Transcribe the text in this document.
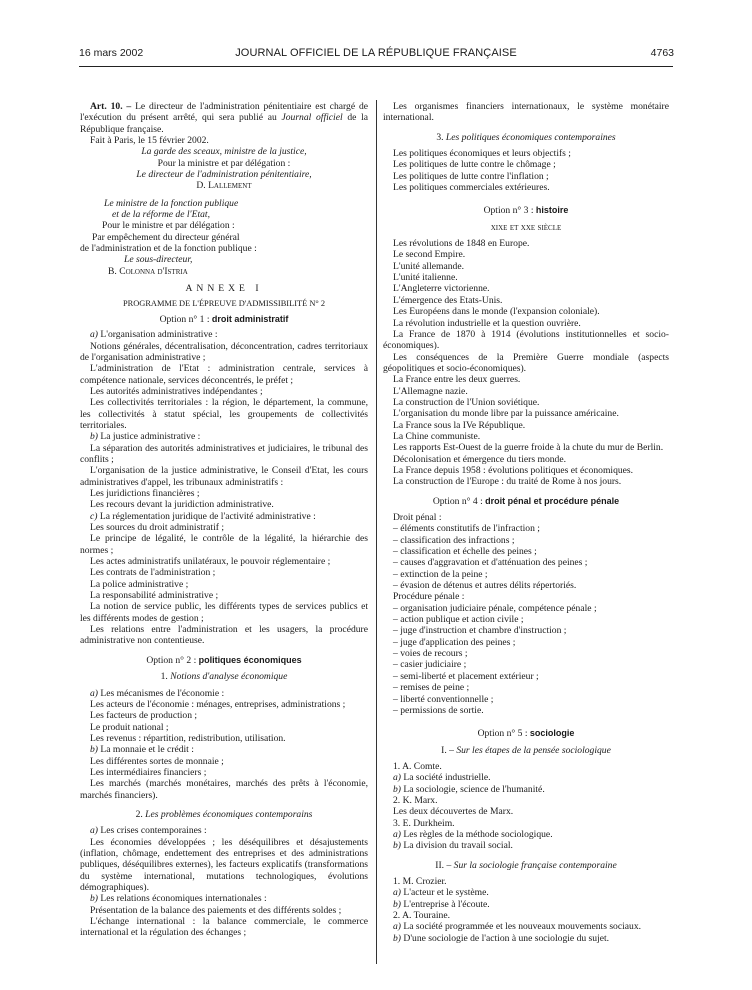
16 mars 2002	JOURNAL OFFICIEL DE LA RÉPUBLIQUE FRANÇAISE	4763

Art. 10. – Le directeur de l'administration pénitentiaire est chargé de l'exécution du présent arrêté, qui sera publié au Journal officiel de la République française.

Fait à Paris, le 15 février 2002.

La garde des sceaux, ministre de la justice,

Pour la ministre et par délégation :

Le directeur de l'administration pénitentiaire,

D. Lallement

Le ministre de la fonction publique

et de la réforme de l'Etat,

Pour le ministre et par délégation :

Par empêchement du directeur général

de l'administration et de la fonction publique :

Le sous-directeur,

B. Colonna d'Istria

ANNEXE I

PROGRAMME DE L'ÉPREUVE D'ADMISSIBILITÉ N° 2

Option n° 1 : droit administratif

a) L'organisation administrative :

Notions générales, décentralisation, déconcentration, cadres territoriaux de l'organisation administrative ;

L'administration de l'Etat : administration centrale, services à compétence nationale, services déconcentrés, le préfet ;

Les autorités administratives indépendantes ;

Les collectivités territoriales : la région, le département, la commune, les collectivités à statut spécial, les groupements de collectivités territoriales.

b) La justice administrative :

La séparation des autorités administratives et judiciaires, le tribunal des conflits ;

L'organisation de la justice administrative, le Conseil d'Etat, les cours administratives d'appel, les tribunaux administratifs :

Les juridictions financières ;

Les recours devant la juridiction administrative.

c) La réglementation juridique de l'activité administrative :

Les sources du droit administratif ;

Le principe de légalité, le contrôle de la légalité, la hiérarchie des normes ;

Les actes administratifs unilatéraux, le pouvoir réglementaire ;

Les contrats de l'administration ;

La police administrative ;

La responsabilité administrative ;

La notion de service public, les différents types de services publics et les différents modes de gestion ;

Les relations entre l'administration et les usagers, la procédure administrative non contentieuse.

Option n° 2 : politiques économiques

1. Notions d'analyse économique

a) Les mécanismes de l'économie :

Les acteurs de l'économie : ménages, entreprises, administrations ;

Les facteurs de production ;

Le produit national ;

Les revenus : répartition, redistribution, utilisation.

b) La monnaie et le crédit :

Les différentes sortes de monnaie ;

Les intermédiaires financiers ;

Les marchés (marchés monétaires, marchés des prêts à l'économie, marchés financiers).

2. Les problèmes économiques contemporains

a) Les crises contemporaines :

Les économies développées ; les déséquilibres et désajustements (inflation, chômage, endettement des entreprises et des administrations publiques, déséquilibres externes), les facteurs explicatifs (transformations du système international, mutations technologiques, évolutions démographiques).

b) Les relations économiques internationales :

Présentation de la balance des paiements et des différents soldes ;

L'échange international : la balance commerciale, le commerce international et la régulation des échanges ;

Les organismes financiers internationaux, le système monétaire international.

3. Les politiques économiques contemporaines

Les politiques économiques et leurs objectifs ;

Les politiques de lutte contre le chômage ;

Les politiques de lutte contre l'inflation ;

Les politiques commerciales extérieures.

Option n° 3 : histoire

xixe et xxe siècle

Les révolutions de 1848 en Europe.

Le second Empire.

L'unité allemande.

L'unité italienne.

L'Angleterre victorienne.

L'émergence des Etats-Unis.

Les Européens dans le monde (l'expansion coloniale).

La révolution industrielle et la question ouvrière.

La France de 1870 à 1914 (évolutions institutionnelles et socio-économiques).

Les conséquences de la Première Guerre mondiale (aspects géopolitiques et socio-économiques).

La France entre les deux guerres.

L'Allemagne nazie.

La construction de l'Union soviétique.

L'organisation du monde libre par la puissance américaine.

La France sous la IVe République.

La Chine communiste.

Les rapports Est-Ouest de la guerre froide à la chute du mur de Berlin.

Décolonisation et émergence du tiers monde.

La France depuis 1958 : évolutions politiques et économiques.

La construction de l'Europe : du traité de Rome à nos jours.

Option n° 4 : droit pénal et procédure pénale

Droit pénal :

– éléments constitutifs de l'infraction ;

– classification des infractions ;

– classification et échelle des peines ;

– causes d'aggravation et d'atténuation des peines ;

– extinction de la peine ;

– évasion de détenus et autres délits répertoriés.

Procédure pénale :

– organisation judiciaire pénale, compétence pénale ;

– action publique et action civile ;

– juge d'instruction et chambre d'instruction ;

– juge d'application des peines ;

– voies de recours ;

– casier judiciaire ;

– semi-liberté et placement extérieur ;

– remises de peine ;

– liberté conventionnelle ;

– permissions de sortie.

Option n° 5 : sociologie

I. – Sur les étapes de la pensée sociologique

1. A. Comte.

a) La société industrielle.

b) La sociologie, science de l'humanité.

2. K. Marx.

Les deux découvertes de Marx.

3. E. Durkheim.

a) Les règles de la méthode sociologique.

b) La division du travail social.

II. – Sur la sociologie française contemporaine

1. M. Crozier.

a) L'acteur et le système.

b) L'entreprise à l'écoute.

2. A. Touraine.

a) La société programmée et les nouveaux mouvements sociaux.

b) D'une sociologie de l'action à une sociologie du sujet.
